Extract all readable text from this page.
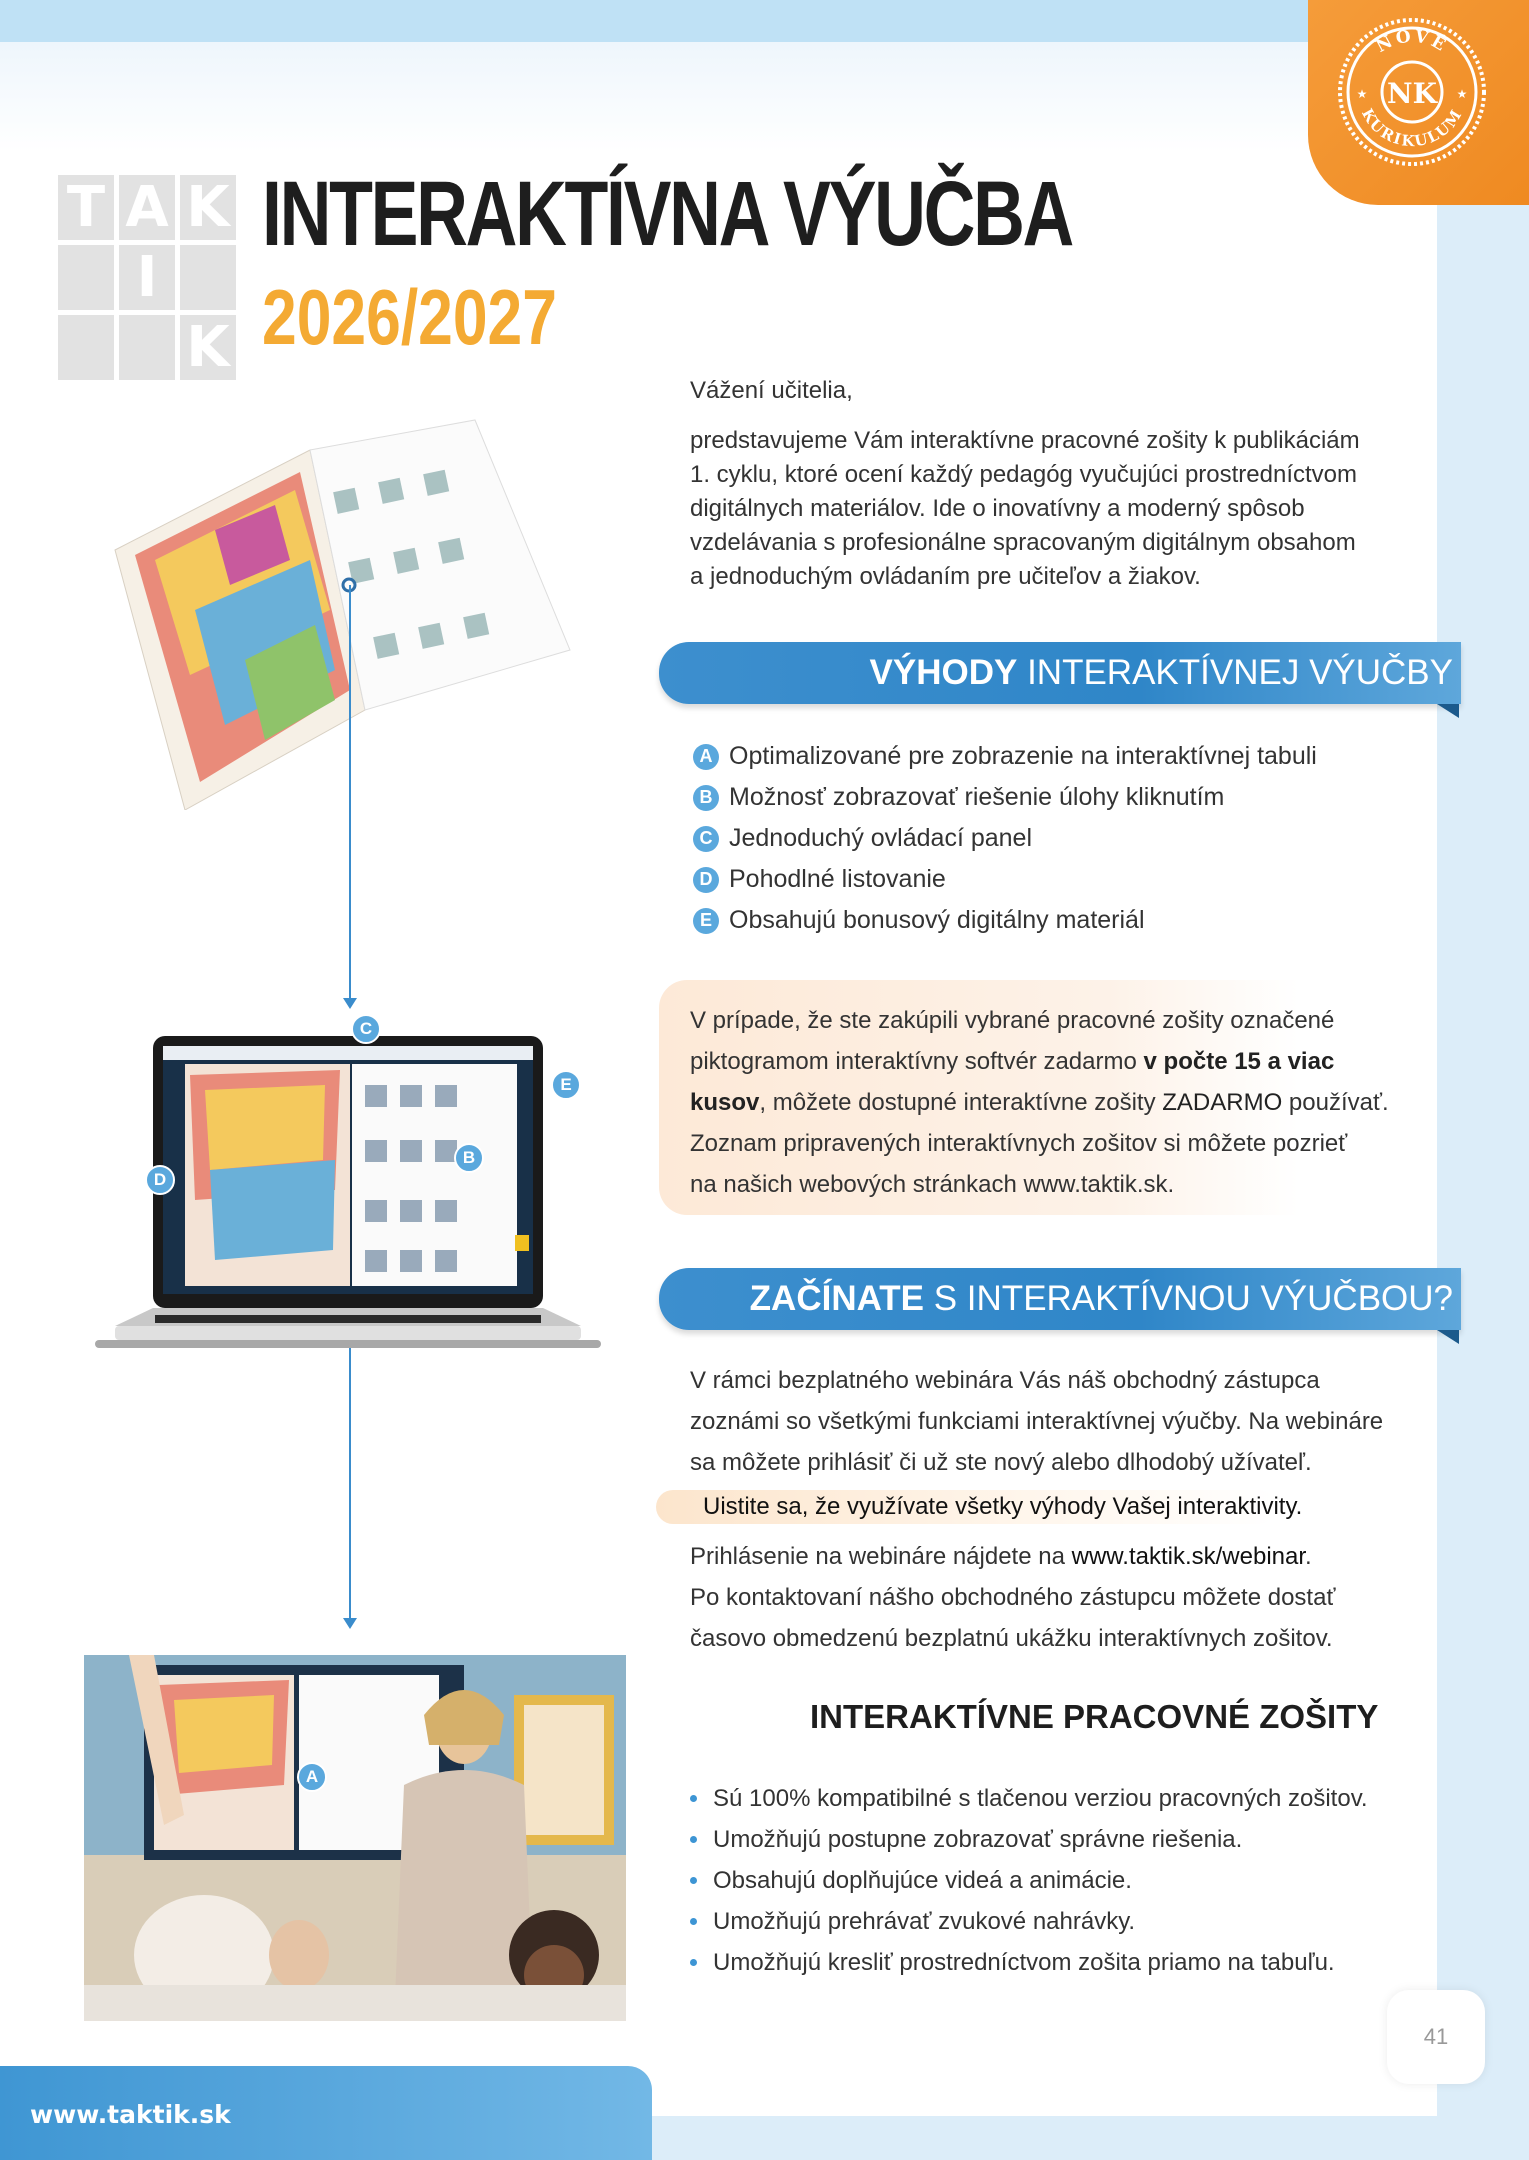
NOVÉ
KURIKULUM
NK
★	★
T A K
I
K
INTERAKTÍVNA VÝUČBA
2026/2027
Vážení učitelia,
predstavujeme Vám interaktívne pracovné zošity k publikáciám
1. cyklu, ktoré ocení každý pedagóg vyučujúci prostredníctvom
digitálnych materiálov. Ide o inovatívny a moderný spôsob
vzdelávania s profesionálne spracovaným digitálnym obsahom
a jednoduchým ovládaním pre učiteľov a žiakov.
C
E
D
B
A
VÝHODY INTERAKTÍVNEJ VÝUČBY
A Optimalizované pre zobrazenie na interaktívnej tabuli
B Možnosť zobrazovať riešenie úlohy kliknutím
C Jednoduchý ovládací panel
D Pohodlné listovanie
E Obsahujú bonusový digitálny materiál
V prípade, že ste zakúpili vybrané pracovné zošity označené
piktogramom interaktívny softvér zadarmo v počte 15 a viac
kusov, môžete dostupné interaktívne zošity ZADARMO používať.
Zoznam pripravených interaktívnych zošitov si môžete pozrieť
na našich webových stránkach www.taktik.sk.
ZAČÍNATE S INTERAKTÍVNOU VÝUČBOU?
V rámci bezplatného webinára Vás náš obchodný zástupca
zoznámi so všetkými funkciami interaktívnej výučby. Na webináre
sa môžete prihlásiť či už ste nový alebo dlhodobý užívateľ.
Uistite sa, že využívate všetky výhody Vašej interaktivity.
Prihlásenie na webináre nájdete na www.taktik.sk/webinar.
Po kontaktovaní nášho obchodného zástupcu môžete dostať
časovo obmedzenú bezplatnú ukážku interaktívnych zošitov.
INTERAKTÍVNE PRACOVNÉ ZOŠITY
Sú 100% kompatibilné s tlačenou verziou pracovných zošitov.
Umožňujú postupne zobrazovať správne riešenia.
Obsahujú doplňujúce videá a animácie.
Umožňujú prehrávať zvukové nahrávky.
Umožňujú kresliť prostredníctvom zošita priamo na tabuľu.
41
www.taktik.sk
